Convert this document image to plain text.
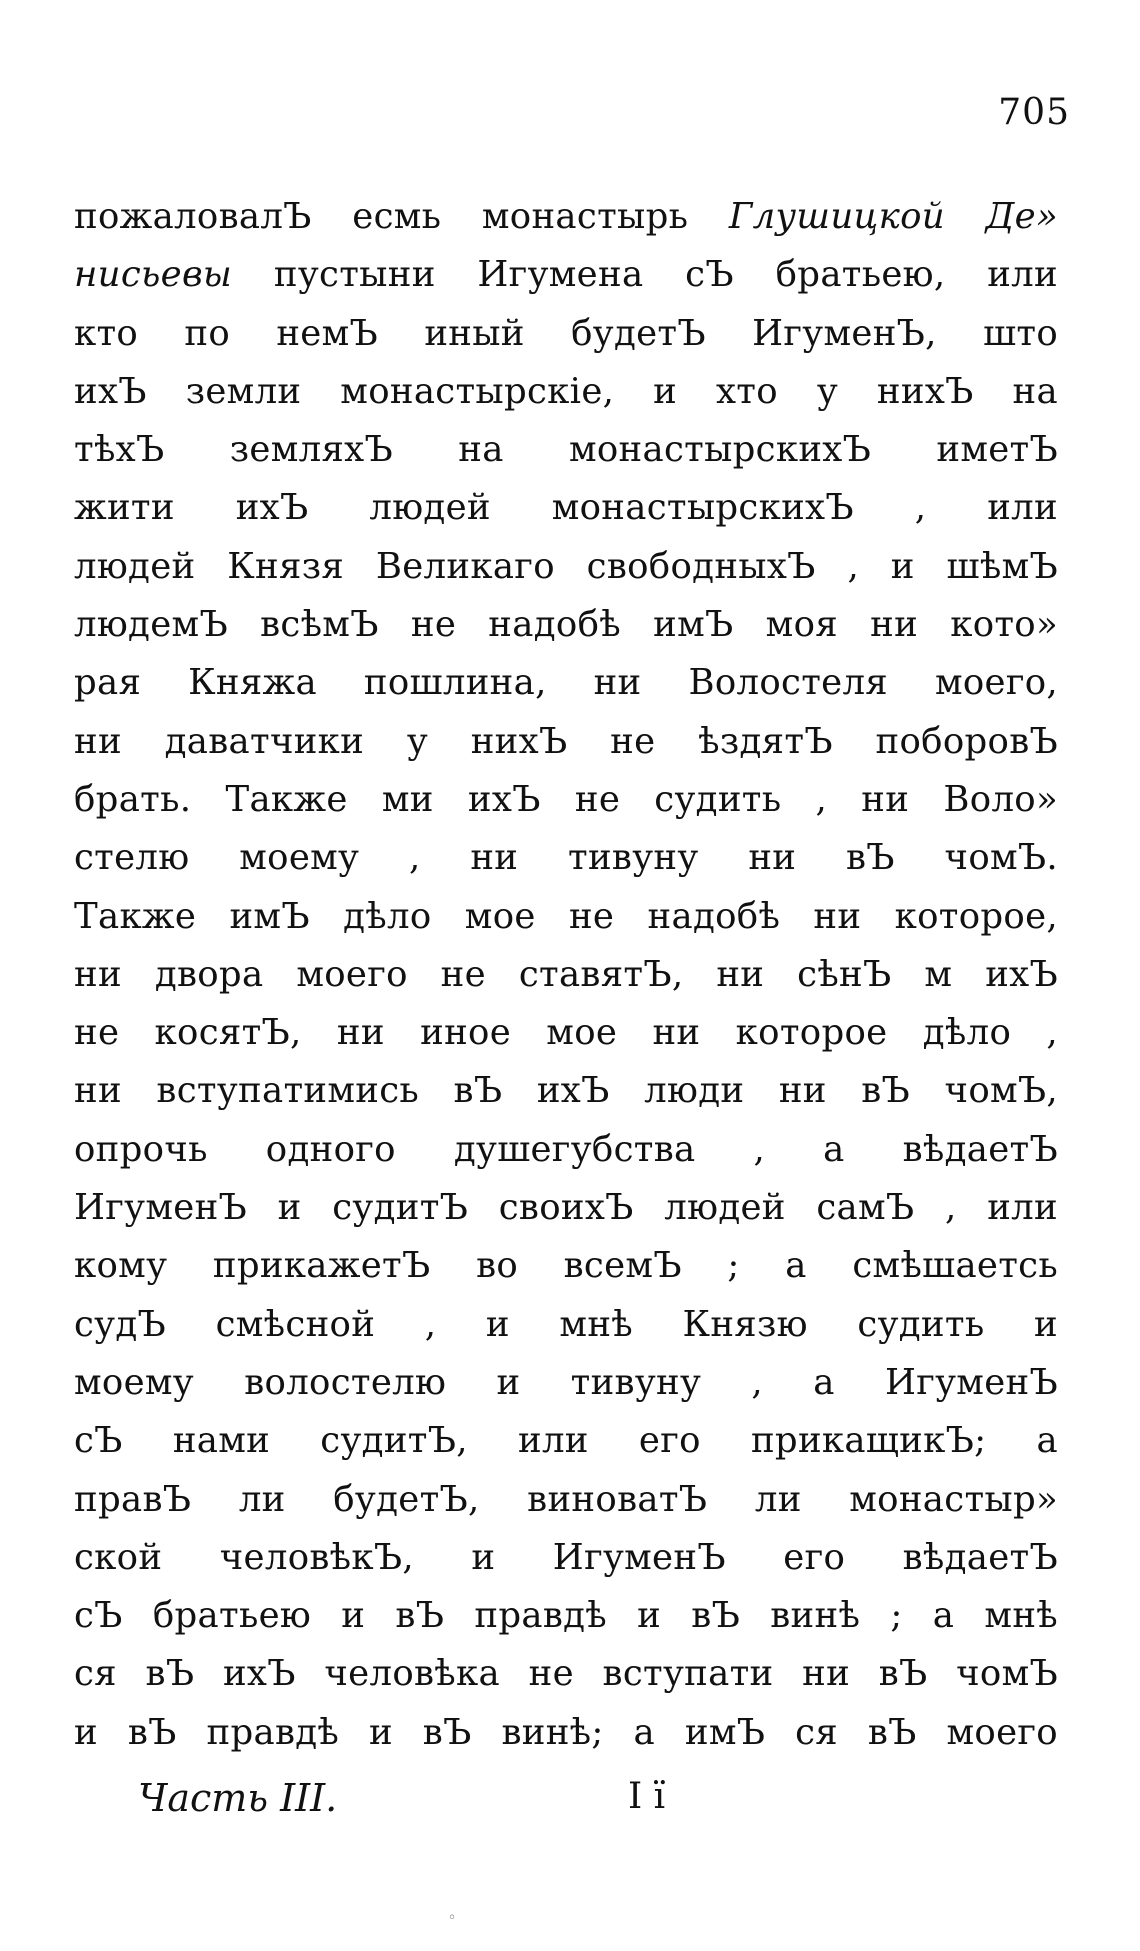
705
пожаловалЪ есмь монастырь Глушицкой Де»
нисьевы пустыни Игумена сЪ братьею, или
кто по немЪ иный будетЪ ИгуменЪ, што
ихЪ земли монастырскіе, и хто у нихЪ на
тѣхЪ земляхЪ на монастырскихЪ иметЪ
жити ихЪ людей монастырскихЪ , или
людей Князя Великаго свободныхЪ , и шѣмЪ
людемЪ всѣмЪ не надобѣ имЪ моя ни кото»
рая Княжа пошлина, ни Волостеля моего,
ни даватчики у нихЪ не ѣздятЪ поборовЪ
брать. Также ми ихЪ не судить , ни Воло»
стелю моему , ни тивуну ни вЪ чомЪ.
Также имЪ дѣло мое не надобѣ ни которое,
ни двора моего не ставятЪ, ни сѣнЪ м ихЪ
не косятЪ, ни иное мое ни которое дѣло ,
ни вступатимись вЪ ихЪ люди ни вЪ чомЪ,
опрочь одного душегубства , а вѣдаетЪ
ИгуменЪ и судитЪ своихЪ людей самЪ , или
кому прикажетЪ во всемЪ ; а смѣшаетсь
судЪ смѣсной , и мнѣ Князю судить и
моему волостелю и тивуну , а ИгуменЪ
сЪ нами судитЪ, или его прикащикЪ; а
правЪ ли будетЪ, виноватЪ ли монастыр»
ской человѣкЪ, и ИгуменЪ его вѣдаетЪ
сЪ братьею и вЪ правдѣ и вЪ винѣ ; а мнѣ
ся вЪ ихЪ человѣка не вступати ни вЪ чомЪ
и вЪ правдѣ и вЪ винѣ; а имЪ ся вЪ моего
Часть III.	I ї
◦
